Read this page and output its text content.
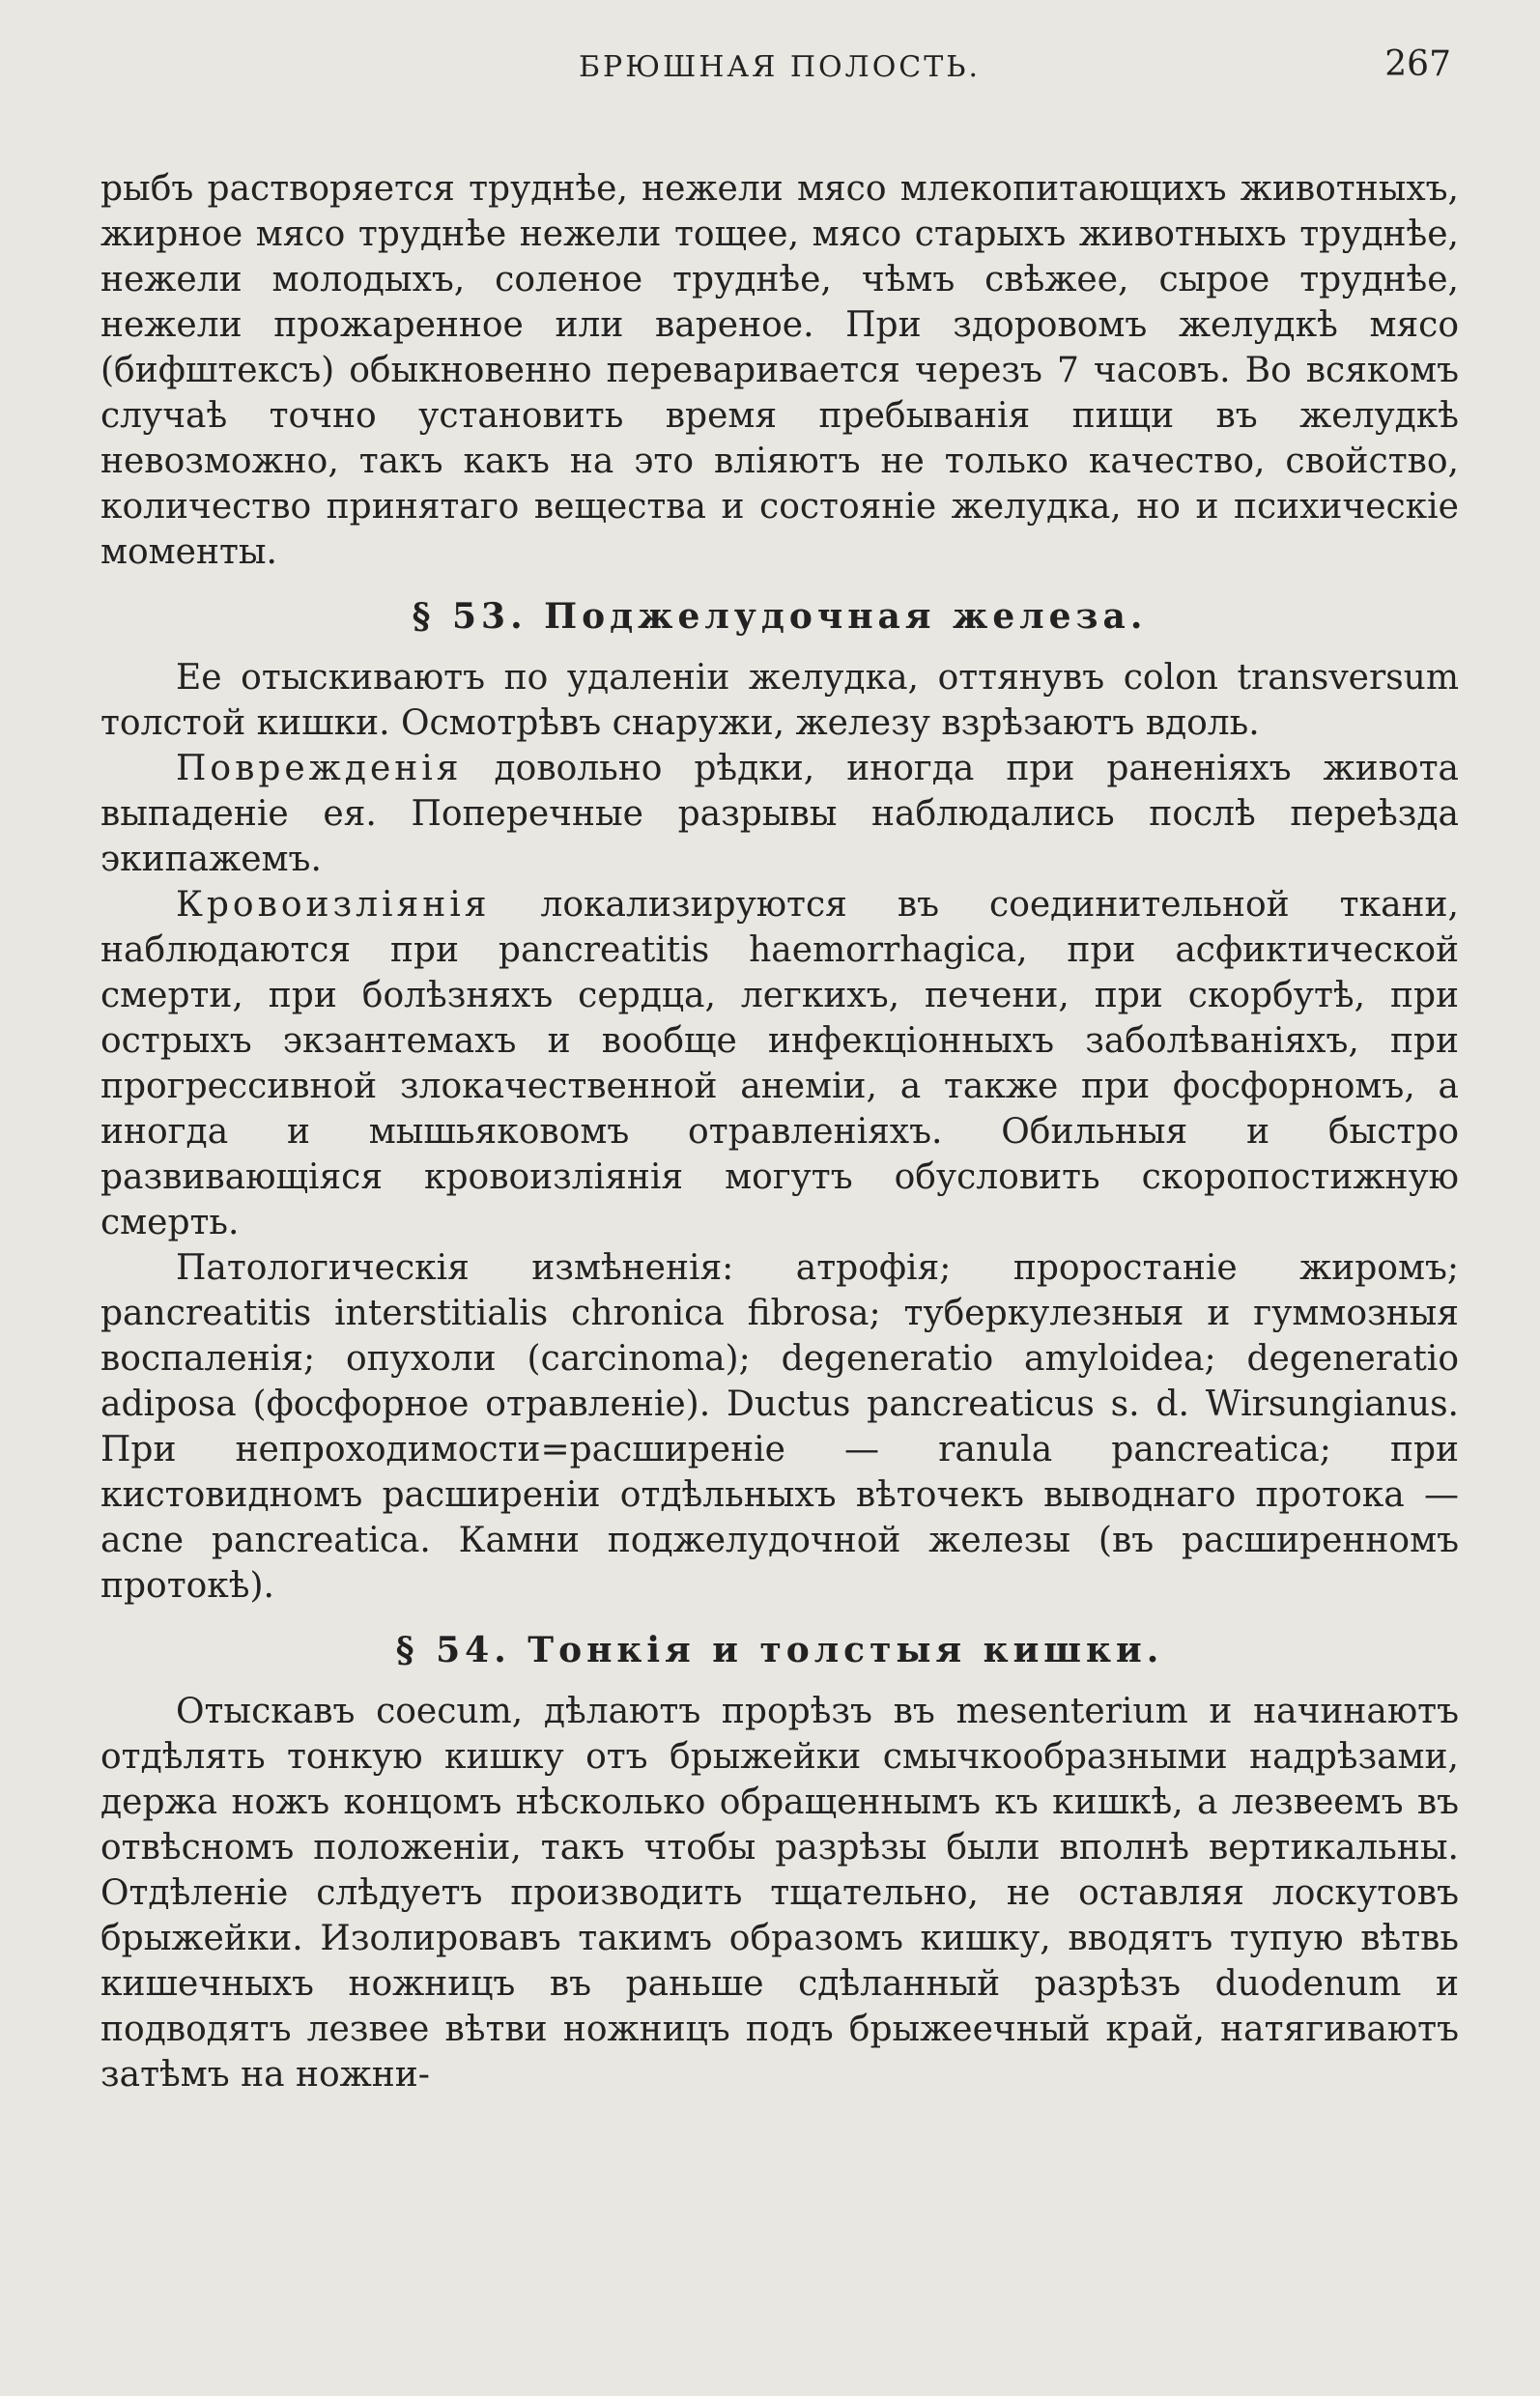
БРЮШНАЯ ПОЛОСТЬ.	267

рыбъ растворяется труднѣе, нежели мясо млекопитающихъ животныхъ, жирное мясо труднѣе нежели тощее, мясо старыхъ животныхъ труднѣе, нежели молодыхъ, соленое труднѣе, чѣмъ свѣжее, сырое труднѣе, нежели прожаренное или вареное. При здоровомъ желудкѣ мясо (бифштексъ) обыкновенно переваривается черезъ 7 часовъ. Во всякомъ случаѣ точно установить время пребыванія пищи въ желудкѣ невозможно, такъ какъ на это вліяютъ не только качество, свойство, количество принятаго вещества и состояніе желудка, но и психическіе моменты.

§ 53. Поджелудочная железа.

Ее отыскиваютъ по удаленіи желудка, оттянувъ colon transversum толстой кишки. Осмотрѣвъ снаружи, железу взрѣзаютъ вдоль.

Поврежденія довольно рѣдки, иногда при раненіяхъ живота выпаденіе ея. Поперечные разрывы наблюдались послѣ переѣзда экипажемъ.

Кровоизліянія локализируются въ соединительной ткани, наблюдаются при pancreatitis haemorrhagica, при асфиктической смерти, при болѣзняхъ сердца, легкихъ, печени, при скорбутѣ, при острыхъ экзантемахъ и вообще инфекціонныхъ заболѣваніяхъ, при прогрессивной злокачественной анеміи, а также при фосфорномъ, а иногда и мышьяковомъ отравленіяхъ. Обильныя и быстро развивающіяся кровоизліянія могутъ обусловить скоропостижную смерть.

Патологическія измѣненія: атрофія; проростаніе жиромъ; pancreatitis interstitialis chronica fibrosa; туберкулезныя и гуммозныя воспаленія; опухоли (carcinoma); degeneratio amyloidea; degeneratio adiposa (фосфорное отравленіе). Ductus pancreaticus s. d. Wirsungianus. При непроходимости=расширеніе — ranula pancreatica; при кистовидномъ расширеніи отдѣльныхъ вѣточекъ выводнаго протока — acne pancreatica. Камни поджелудочной железы (въ расширенномъ протокѣ).

§ 54. Тонкія и толстыя кишки.

Отыскавъ coecum, дѣлаютъ прорѣзъ въ mesenterium и начинаютъ отдѣлять тонкую кишку отъ брыжейки смычкообразными надрѣзами, держа ножъ концомъ нѣсколько обращеннымъ къ кишкѣ, а лезвеемъ въ отвѣсномъ положеніи, такъ чтобы разрѣзы были вполнѣ вертикальны. Отдѣленіе слѣдуетъ производить тщательно, не оставляя лоскутовъ брыжейки. Изолировавъ такимъ образомъ кишку, вводятъ тупую вѣтвь кишечныхъ ножницъ въ раньше сдѣланный разрѣзъ duodenum и подводятъ лезвее вѣтви ножницъ подъ брыжеечный край, натягиваютъ затѣмъ на ножни-
